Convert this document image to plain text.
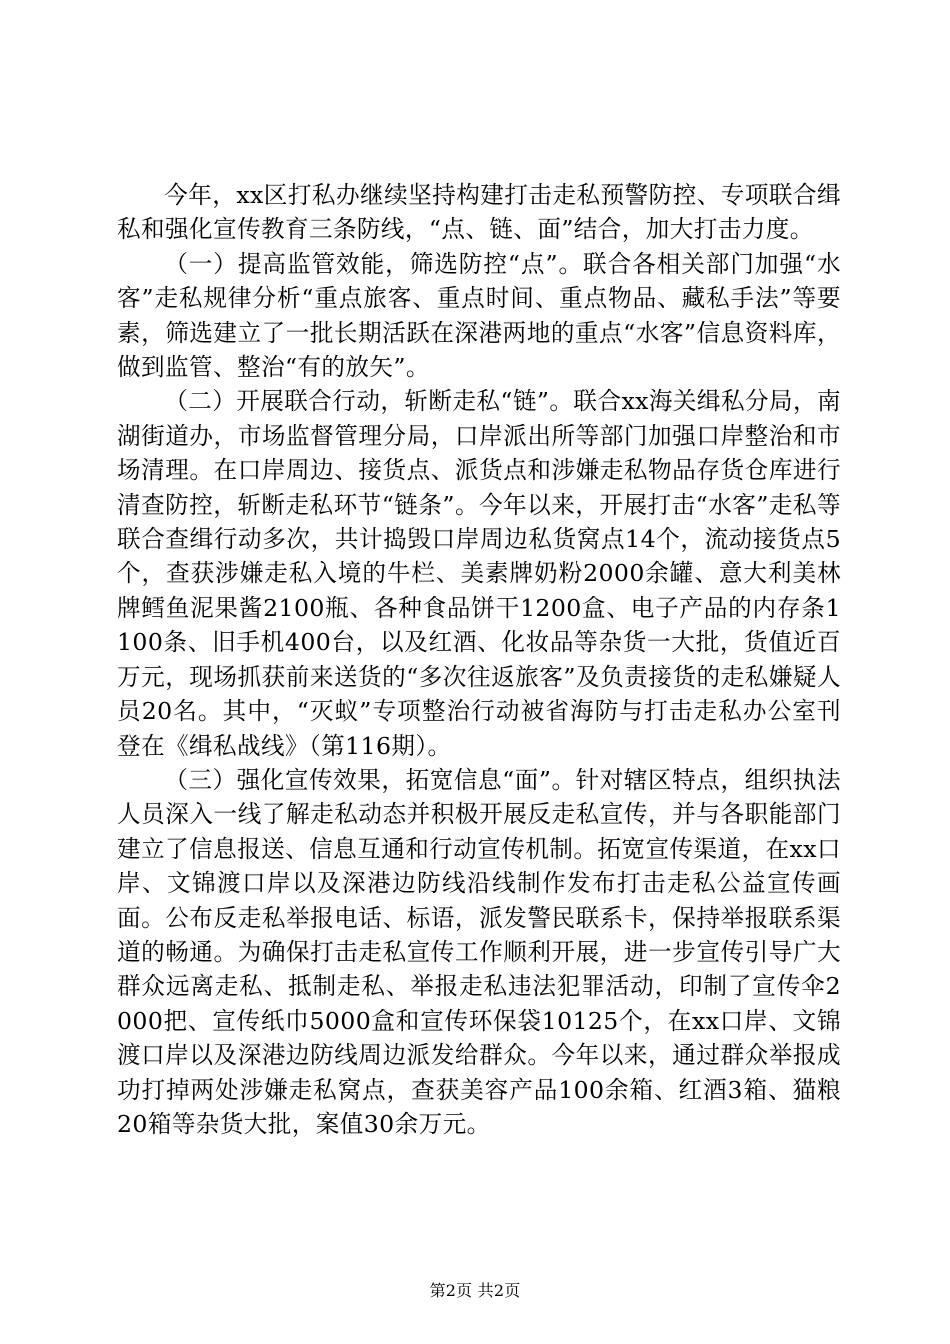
今年，xx区打私办继续坚持构建打击走私预警防控、专项联合缉私和强化宣传教育三条防线，“点、链、面”结合，加大打击力度。

（一）提高监管效能，筛选防控“点”。联合各相关部门加强“水客”走私规律分析“重点旅客、重点时间、重点物品、藏私手法”等要素，筛选建立了一批长期活跃在深港两地的重点“水客”信息资料库，做到监管、整治“有的放矢”。

（二）开展联合行动，斩断走私“链”。联合xx海关缉私分局，南湖街道办，市场监督管理分局，口岸派出所等部门加强口岸整治和市场清理。在口岸周边、接货点、派货点和涉嫌走私物品存货仓库进行清查防控，斩断走私环节“链条”。今年以来，开展打击“水客”走私等联合查缉行动多次，共计捣毁口岸周边私货窝点14个，流动接货点5个，查获涉嫌走私入境的牛栏、美素牌奶粉2000余罐、意大利美林牌鳕鱼泥果酱2100瓶、各种食品饼干1200盒、电子产品的内存条1100条、旧手机400台，以及红酒、化妆品等杂货一大批，货值近百万元，现场抓获前来送货的“多次往返旅客”及负责接货的走私嫌疑人员20名。其中，“灭蚁”专项整治行动被省海防与打击走私办公室刊登在《缉私战线》（第116期）。

（三）强化宣传效果，拓宽信息“面”。针对辖区特点，组织执法人员深入一线了解走私动态并积极开展反走私宣传，并与各职能部门建立了信息报送、信息互通和行动宣传机制。拓宽宣传渠道，在xx口岸、文锦渡口岸以及深港边防线沿线制作发布打击走私公益宣传画面。公布反走私举报电话、标语，派发警民联系卡，保持举报联系渠道的畅通。为确保打击走私宣传工作顺利开展，进一步宣传引导广大群众远离走私、抵制走私、举报走私违法犯罪活动，印制了宣传伞2000把、宣传纸巾5000盒和宣传环保袋10125个，在xx口岸、文锦渡口岸以及深港边防线周边派发给群众。今年以来，通过群众举报成功打掉两处涉嫌走私窝点，查获美容产品100余箱、红酒3箱、猫粮20箱等杂货大批，案值30余万元。

第2页 共2页
